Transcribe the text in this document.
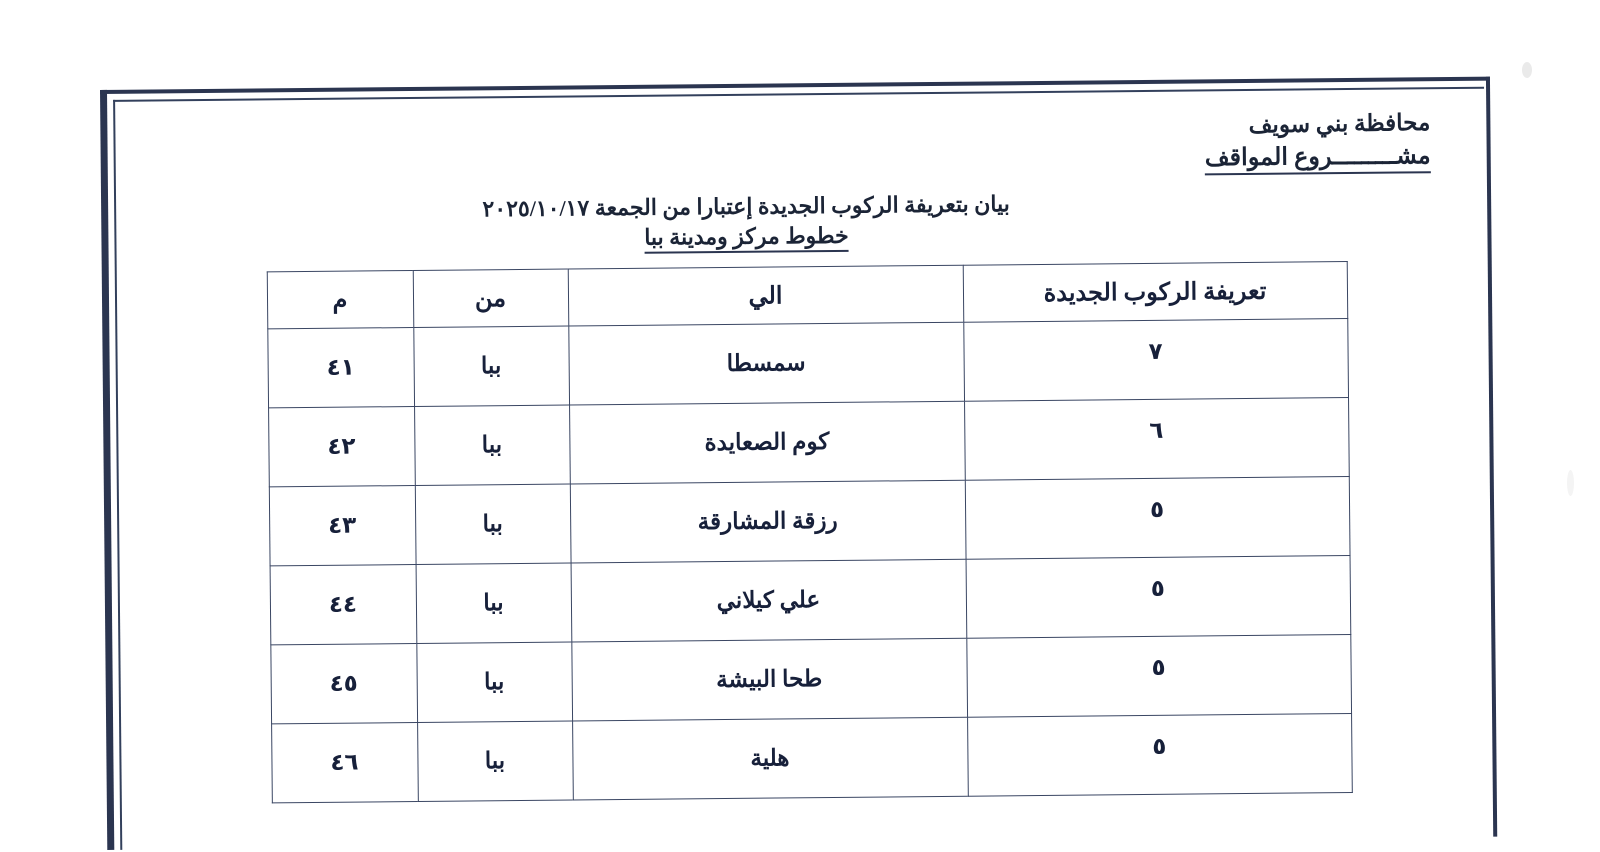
محافظة بني سويف
مشـــــــــروع المواقف
بيان بتعريفة الركوب الجديدة إعتبارا من الجمعة ٢٠٢٥/١٠/١٧
خطوط مركز ومدينة ببا
تعريفة الركوب الجديدة	الي	من	م
٧	سمسطا	ببا	٤١
٦	كوم الصعايدة	ببا	٤٢
٥	رزقة المشارقة	ببا	٤٣
٥	علي كيلاني	ببا	٤٤
٥	طحا البيشة	ببا	٤٥
٥	هلية	ببا	٤٦
